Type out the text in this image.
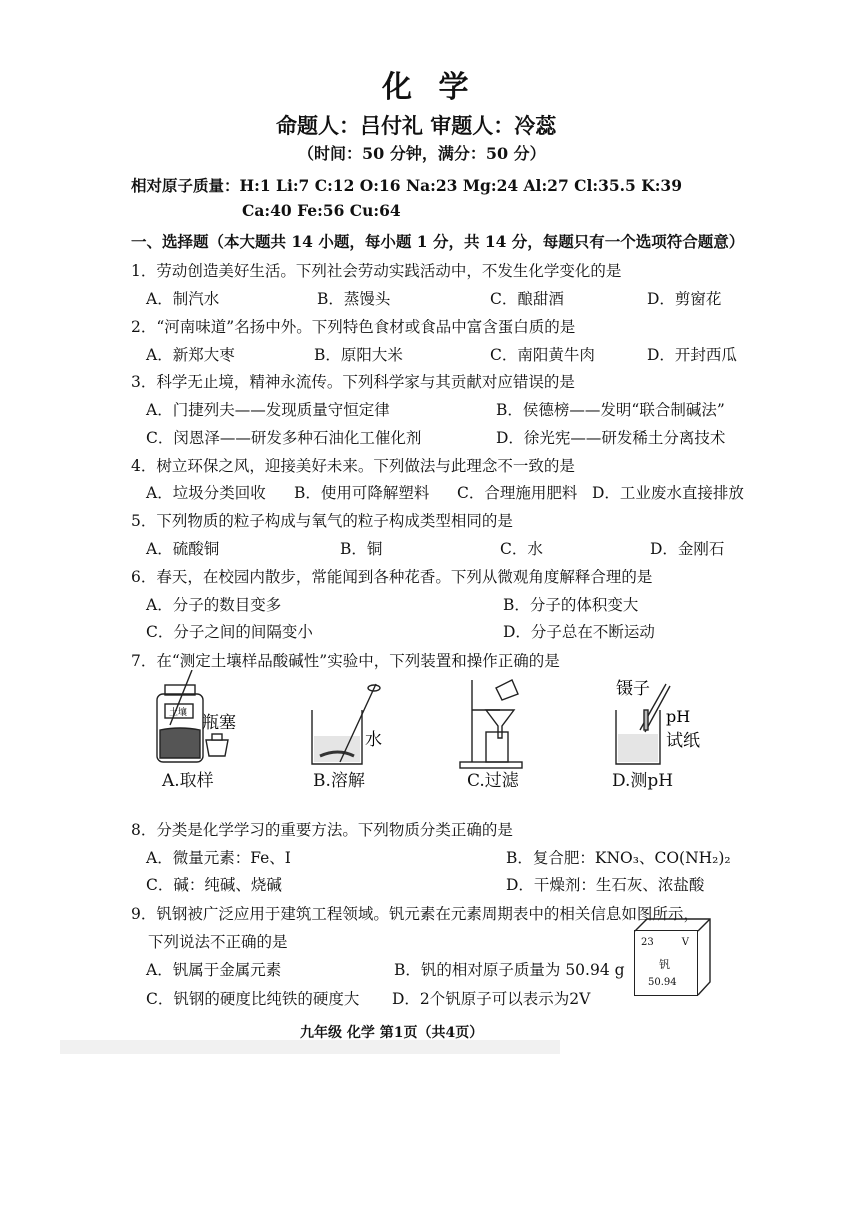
化 学
命题人：吕付礼 审题人：冷蕊
（时间：50 分钟，满分：50 分）
相对原子质量：H:1 Li:7 C:12 O:16 Na:23 Mg:24 Al:27 Cl:35.5 K:39
Ca:40 Fe:56 Cu:64
一、选择题（本大题共 14 小题，每小题 1 分，共 14 分，每题只有一个选项符合题意）
1．劳动创造美好生活。下列社会劳动实践活动中，不发生化学变化的是
A．制汽水	B．蒸馒头	C．酿甜酒	D．剪窗花
2．“河南味道”名扬中外。下列特色食材或食品中富含蛋白质的是
A．新郑大枣	B．原阳大米	C．南阳黄牛肉	D．开封西瓜
3．科学无止境，精神永流传。下列科学家与其贡献对应错误的是
A．门捷列夫——发现质量守恒定律	B．侯德榜——发明“联合制碱法”
C．闵恩泽——研发多种石油化工催化剂	D．徐光宪——研发稀土分离技术
4．树立环保之风，迎接美好未来。下列做法与此理念不一致的是
A．垃圾分类回收 B．使用可降解塑料 C．合理施用肥料 D．工业废水直接排放
5．下列物质的粒子构成与氧气的粒子构成类型相同的是
A．硫酸铜	B．铜	C．水	D．金刚石
6．春天，在校园内散步，常能闻到各种花香。下列从微观角度解释合理的是
A．分子的数目变多	B．分子的体积变大
C．分子之间的间隔变小	D．分子总在不断运动
7．在“测定土壤样品酸碱性”实验中，下列装置和操作正确的是
土壤 瓶塞
水
镊子
pH
试纸
A.取样	B.溶解	C.过滤	D.测pH
8．分类是化学学习的重要方法。下列物质分类正确的是
A．微量元素：Fe、I	B．复合肥：KNO₃、CO(NH₂)₂
C．碱：纯碱、烧碱	D．干燥剂：生石灰、浓盐酸
9．钒钢被广泛应用于建筑工程领域。钒元素在元素周期表中的相关信息如图所示，
下列说法不正确的是
A．钒属于金属元素	B．钒的相对原子质量为 50.94 g
C．钒钢的硬度比纯铁的硬度大 D．2个钒原子可以表示为2V
23	V
钒
50.94
九年级 化学 第1页（共4页）
